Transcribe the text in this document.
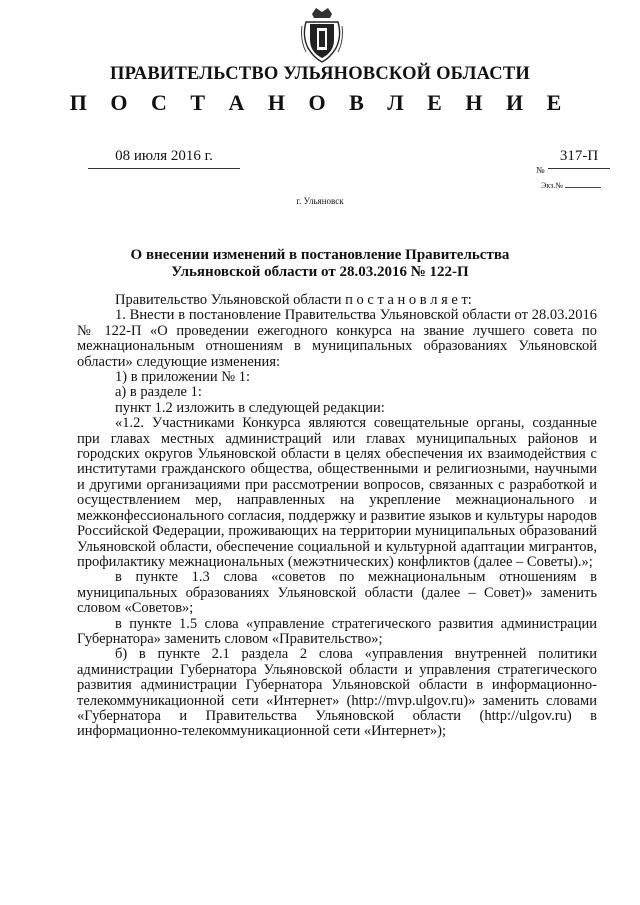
ПРАВИТЕЛЬСТВО УЛЬЯНОВСКОЙ ОБЛАСТИ
П О С Т А Н О В Л Е Н И Е
08 июля 2016 г.
№
317-П
Экз.№
г. Ульяновск
О внесении изменений в постановление Правительства
Ульяновской области от 28.03.2016 № 122-П

Правительство Ульяновской области п о с т а н о в л я е т:

1. Внести в постановление Правительства Ульяновской области от 28.03.2016 № 122-П «О проведении ежегодного конкурса на звание лучшего совета по межнациональным отношениям в муниципальных образованиях Ульяновской области» следующие изменения:

1) в приложении № 1:

а) в разделе 1:

пункт 1.2 изложить в следующей редакции:

«1.2. Участниками Конкурса являются совещательные органы, созданные при главах местных администраций или главах муниципальных районов и городских округов Ульяновской области в целях обеспечения их взаимодействия с институтами гражданского общества, общественными и религиозными, научными и другими организациями при рассмотрении вопросов, связанных с разработкой и осуществлением мер, направленных на укрепление межнационального и межконфессионального согласия, поддержку и развитие языков и культуры народов Российской Федерации, проживающих на территории муниципальных образований Ульяновской области, обеспечение социальной и культурной адаптации мигрантов, профилактику межнациональных (межэтнических) конфликтов (далее – Советы).»;

в пункте 1.3 слова «советов по межнациональным отношениям в муниципальных образованиях Ульяновской области (далее – Совет)» заменить словом «Советов»;

в пункте 1.5 слова «управление стратегического развития администрации Губернатора» заменить словом «Правительство»;

б) в пункте 2.1 раздела 2 слова «управления внутренней политики администрации Губернатора Ульяновской области и управления стратегического развития администрации Губернатора Ульяновской области в информационно-телекоммуникационной сети «Интернет» (http://mvp.ulgov.ru)» заменить словами «Губернатора и Правительства Ульяновской области (http://ulgov.ru) в информационно-телекоммуникационной сети «Интернет»);
